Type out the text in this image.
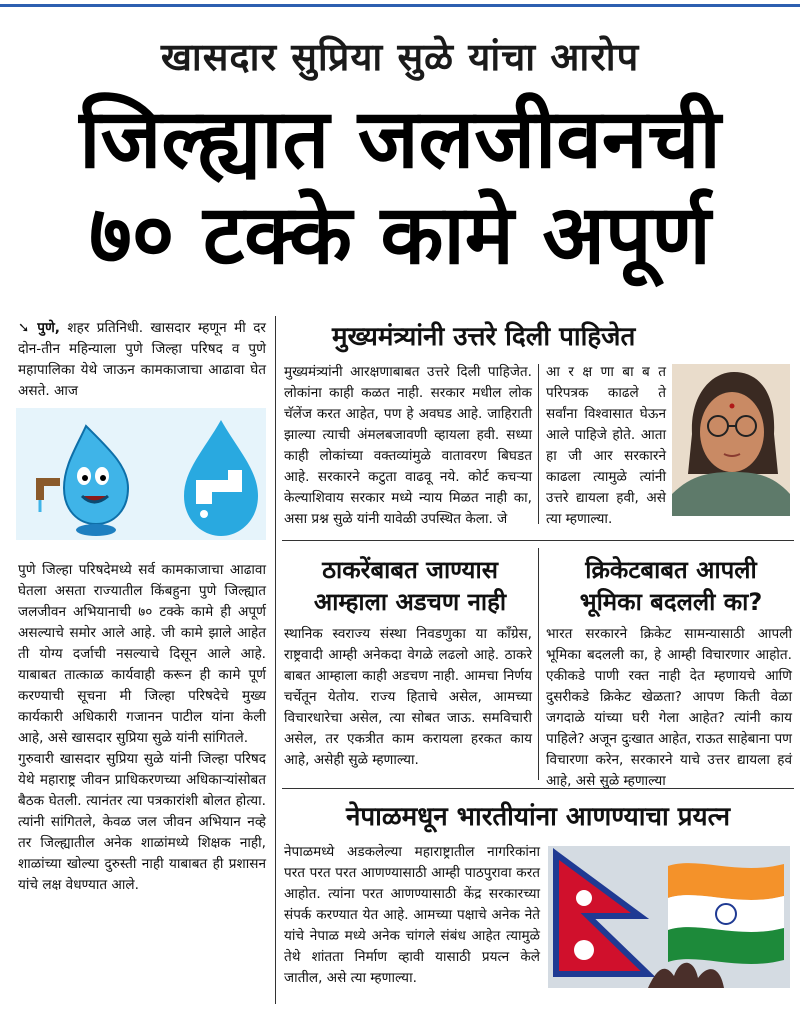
खासदार सुप्रिया सुळे यांचा आरोप
जिल्ह्यात जलजीवनची
७० टक्के कामे अपूर्ण
➘ पुणे, शहर प्रतिनिधी. खासदार म्हणून मी दर दोन-तीन महिन्याला पुणे जिल्हा परिषद व पुणे महापालिका येथे जाऊन कामकाजाचा आढावा घेत असते. आज

पुणे जिल्हा परिषदेमध्ये सर्व कामकाजाचा आढावा घेतला असता राज्यातील किंबहुना पुणे जिल्ह्यात जलजीवन अभियानाची ७० टक्के कामे ही अपूर्ण असल्याचे समोर आले आहे. जी कामे झाले आहेत ती योग्य दर्जाची नसल्याचे दिसून आले आहे. याबाबत तात्काळ कार्यवाही करून ही कामे पूर्ण करण्याची सूचना मी जिल्हा परिषदेचे मुख्य कार्यकारी अधिकारी गजानन पाटील यांना केली आहे, असे खासदार सुप्रिया सुळे यांनी सांगितले.

गुरुवारी खासदार सुप्रिया सुळे यांनी जिल्हा परिषद येथे महाराष्ट्र जीवन प्राधिकरणच्या अधिकाऱ्यांसोबत बैठक घेतली. त्यानंतर त्या पत्रकारांशी बोलत होत्या. त्यांनी सांगितले, केवळ जल जीवन अभियान नव्हे तर जिल्ह्यातील अनेक शाळांमध्ये शिक्षक नाही, शाळांच्या खोल्या दुरुस्ती नाही याबाबत ही प्रशासन यांचे लक्ष वेधण्यात आले.

मुख्यमंत्र्यांनी उत्तरे दिली पाहिजेत
मुख्यमंत्र्यांनी आरक्षणाबाबत उत्तरे दिली पाहिजेत. लोकांना काही कळत नाही. सरकार मधील लोक चॅलेंज करत आहेत, पण हे अवघड आहे. जाहिराती झाल्या त्याची अंमलबजावणी व्हायला हवी. सध्या काही लोकांच्या वक्तव्यांमुळे वातावरण बिघडत आहे. सरकारने कटुता वाढवू नये. कोर्ट कचऱ्या केल्याशिवाय सरकार मध्ये न्याय मिळत नाही का, असा प्रश्न सुळे यांनी यावेळी उपस्थित केला. जे
आ र क्ष णा बा ब त परिपत्रक काढले ते सर्वांना विश्वासात घेऊन आले पाहिजे होते. आता हा जी आर सरकारने काढला त्यामुळे त्यांनी उत्तरे द्यायला हवी, असे त्या म्हणाल्या.
ठाकरेंबाबत जाण्यास
आम्हाला अडचण नाही
स्थानिक स्वराज्य संस्था निवडणुका या काँग्रेस, राष्ट्रवादी आम्ही अनेकदा वेगळे लढलो आहे. ठाकरे बाबत आम्हाला काही अडचण नाही. आमचा निर्णय चर्चेतून येतोय. राज्य हिताचे असेल, आमच्या विचारधारेचा असेल, त्या सोबत जाऊ. समविचारी असेल, तर एकत्रीत काम करायला हरकत काय आहे, असेही सुळे म्हणाल्या.
क्रिकेटबाबत आपली
भूमिका बदलली का?
भारत सरकारने क्रिकेट सामन्यासाठी आपली भूमिका बदलली का, हे आम्ही विचारणार आहोत. एकीकडे पाणी रक्त नाही देत म्हणायचे आणि दुसरीकडे क्रिकेट खेळता? आपण किती वेळा जगदाळे यांच्या घरी गेला आहेत? त्यांनी काय पाहिले? अजून दुःखात आहेत, राऊत साहेबाना पण विचारणा करेन, सरकारने याचे उत्तर द्यायला हवं आहे, असे सुळे म्हणाल्या
नेपाळमधून भारतीयांना आणण्याचा प्रयत्न
नेपाळमध्ये अडकलेल्या महाराष्ट्रातील नागरिकांना परत परत परत आणण्यासाठी आम्ही पाठपुरावा करत आहोत. त्यांना परत आणण्यासाठी केंद्र सरकारच्या संपर्क करण्यात येत आहे. आमच्या पक्षाचे अनेक नेते यांचे नेपाळ मध्ये अनेक चांगले संबंध आहेत त्यामुळे तेथे शांतता निर्माण व्हावी यासाठी प्रयत्न केले जातील, असे त्या म्हणाल्या.
